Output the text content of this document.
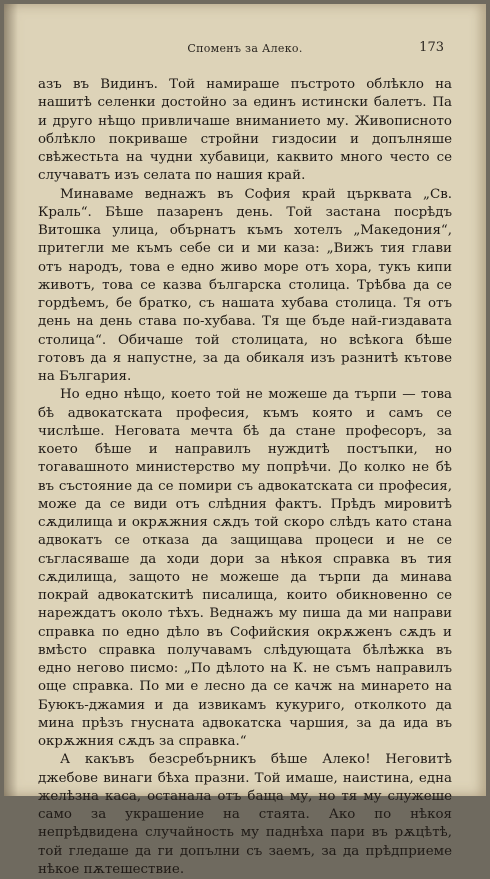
Споменъ за Алеко.	173

азъ въ Видинъ. Той намираше пъстрото облѣкло на нашитѣ селенки достойно за единъ истински балетъ. Па и друго нѣщо привличаше вниманието му. Живописното облѣкло покриваше стройни гиздосии и допълняше свѣжестьта на чудни хубавици, каквито много често се случаватъ изъ селата по нашия край.

Минаваме веднажъ въ София край църквата „Св. Краль“. Бѣше пазаренъ день. Той застана посрѣдъ Витошка улица, обърнатъ къмъ хотелъ „Македония“, притегли ме къмъ себе си и ми каза: „Вижъ тия глави отъ народъ, това е едно живо море отъ хора, тукъ кипи животъ, това се казва българска столица. Трѣбва да се гордѣемъ, бе братко, съ нашата хубава столица. Тя отъ день на день става по-хубава. Тя ще бъде най-гиздавата столица“. Обичаше той столицата, но всѣкога бѣше готовъ да я напустне, за да обикаля изъ разнитѣ кътове на България.

Но едно нѣщо, което той не можеше да търпи — това бѣ адвокатската професия, къмъ която и самъ се числѣше. Неговата мечта бѣ да стане професоръ, за което бѣше и направилъ нуждитѣ постъпки, но тогавашното министерство му попрѣчи. До колко не бѣ въ състояние да се помири съ адвокатската си професия, може да се види отъ слѣдния фактъ. Прѣдъ мировитѣ сѫдилища и окрѫжния сѫдъ той скоро слѣдъ като стана адвокатъ се отказа да защищава процеси и не се съгласяваше да ходи дори за нѣкоя справка въ тия сѫдилища, защото не можеше да търпи да минава покрай адвокатскитѣ писалища, които обикновенно се нареждатъ около тѣхъ. Веднажъ му пиша да ми направи справка по едно дѣло въ Софийския окрѫженъ сѫдъ и вмѣсто справка получавамъ слѣдующата бѣлѣжка въ едно негово писмо: „По дѣлото на К. не съмъ направилъ още справка. По ми е лесно да се качж на минарето на Буюкъ-джамия и да извикамъ кукуриго, отколкото да мина прѣзъ гнусната адвокатска чаршия, за да ида въ окрѫжния сѫдъ за справка.“

А какъвъ безсребърникъ бѣше Алеко! Неговитѣ джебове винаги бѣха празни. Той имаше, наистина, една желѣзна каса, останала отъ баща му, но тя му служеше само за украшение на стаята. Ако по нѣкоя непрѣдвидена случайность му паднѣха пари въ рѫцѣтѣ, той гледаше да ги допълни съ заемъ, за да прѣдприеме нѣкое пѫтешествие.
